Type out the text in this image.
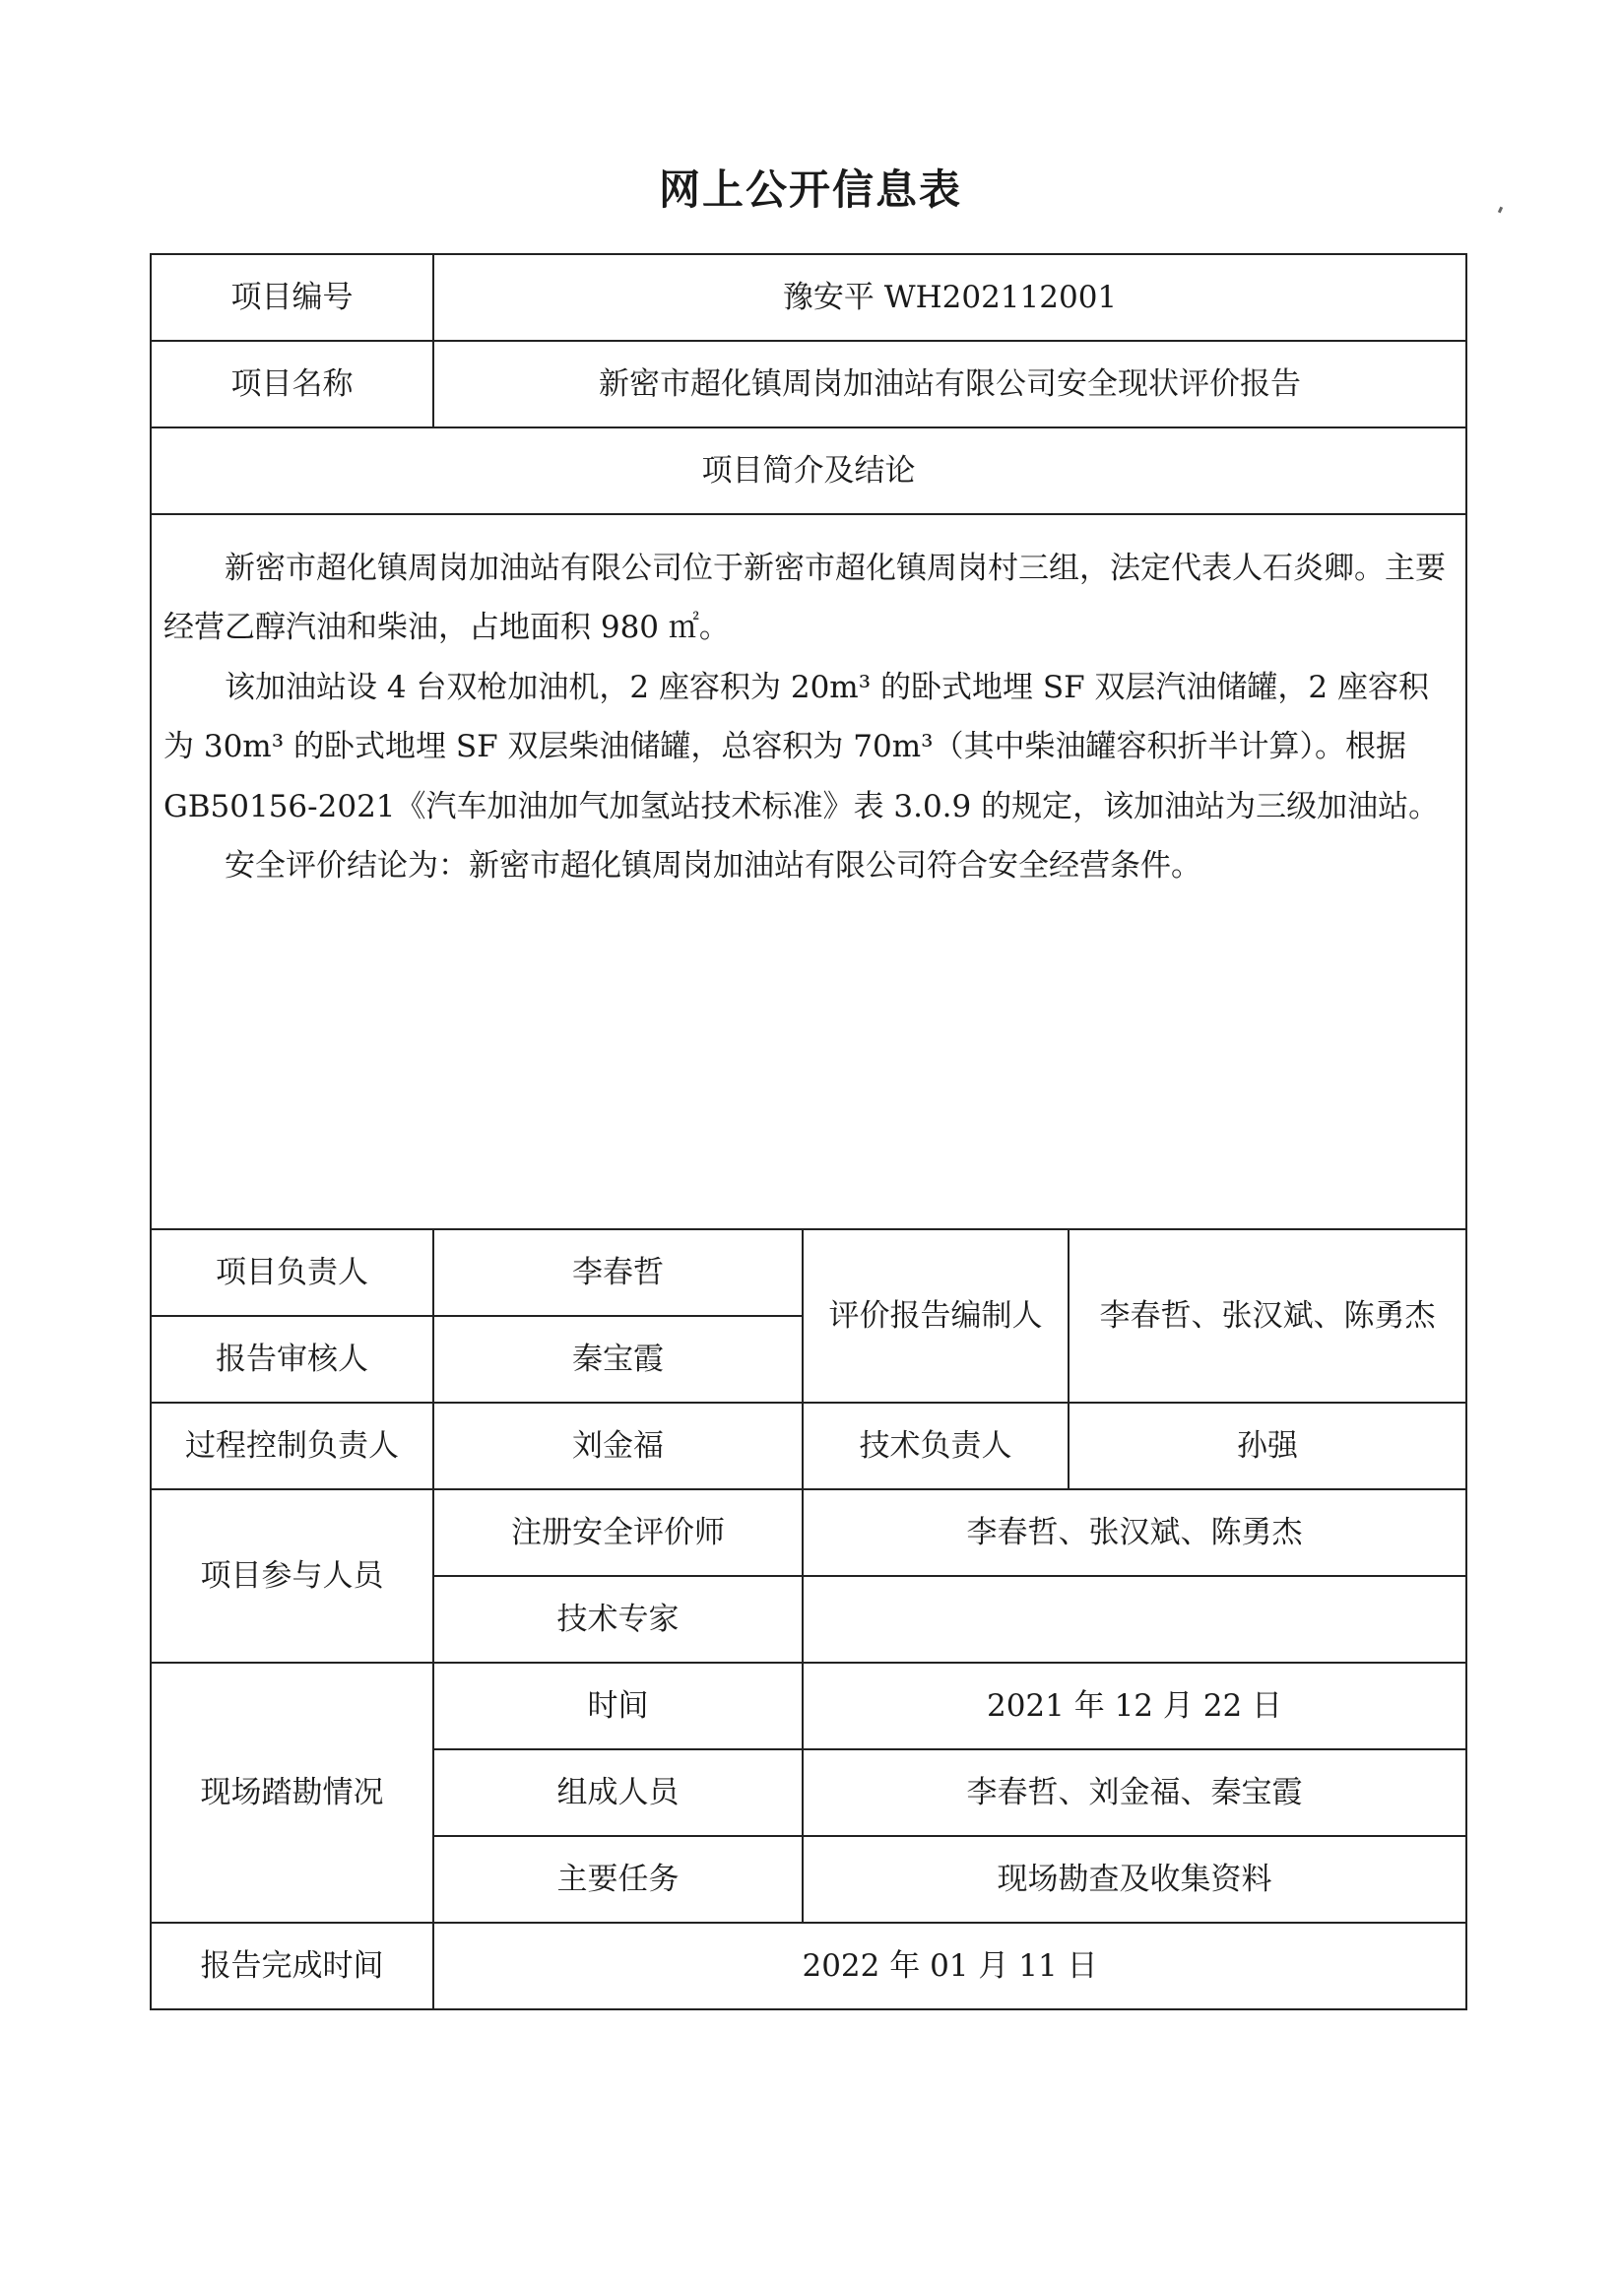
网上公开信息表
项目编号	豫安平 WH202112001		
项目名称	新密市超化镇周岗加油站有限公司安全现状评价报告		
项目简介及结论			

新密市超化镇周岗加油站有限公司位于新密市超化镇周岗村三组，法定代表人石炎卿。主要经营乙醇汽油和柴油，占地面积 980 ㎡。

该加油站设 4 台双枪加油机，2 座容积为 20m³ 的卧式地埋 SF 双层汽油储罐，2 座容积为 30m³ 的卧式地埋 SF 双层柴油储罐，总容积为 70m³（其中柴油罐容积折半计算）。根据 GB50156-2021《汽车加油加气加氢站技术标准》表 3.0.9 的规定，该加油站为三级加油站。

安全评价结论为：新密市超化镇周岗加油站有限公司符合安全经营条件。			

项目负责人	李春哲	评价报告编制人	李春哲、张汉斌、陈勇杰
报告审核人	秦宝霞		
过程控制负责人	刘金福	技术负责人	孙强
项目参与人员	注册安全评价师	李春哲、张汉斌、陈勇杰	
	技术专家		
现场踏勘情况	时间	2021 年 12 月 22 日	
	组成人员	李春哲、刘金福、秦宝霞	
	主要任务	现场勘查及收集资料	
报告完成时间	2022 年 01 月 11 日		
